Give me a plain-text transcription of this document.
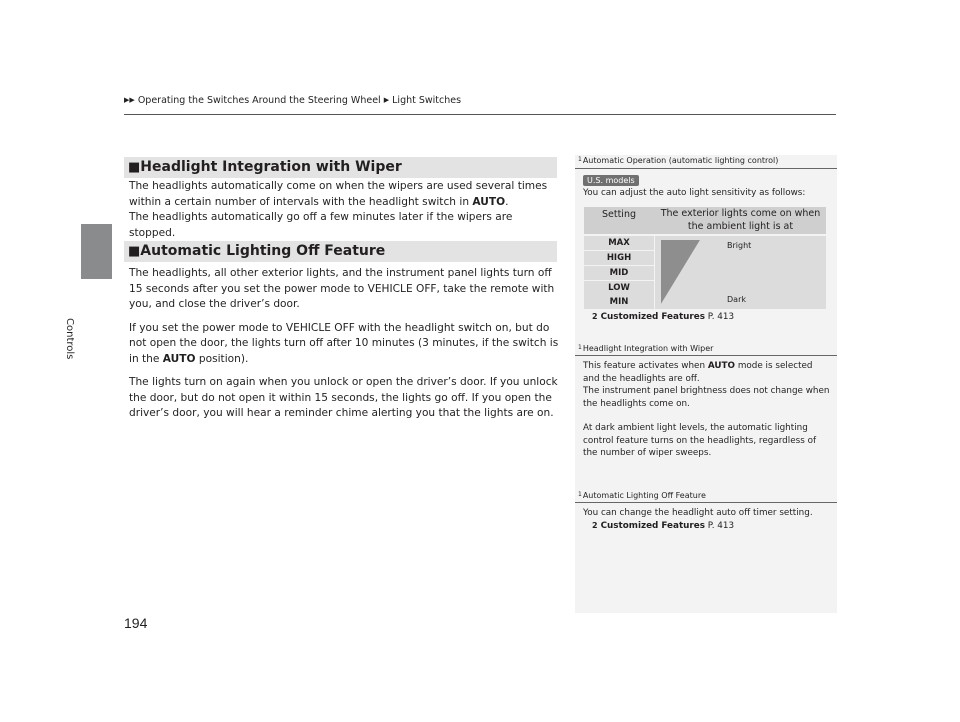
▶▶ Operating the Switches Around the Steering Wheel ▶ Light Switches
Controls
■Headlight Integration with Wiper

The headlights automatically come on when the wipers are used several times within a certain number of intervals with the headlight switch in AUTO.
The headlights automatically go off a few minutes later if the wipers are stopped.

■Automatic Lighting Off Feature

The headlights, all other exterior lights, and the instrument panel lights turn off 15 seconds after you set the power mode to VEHICLE OFF, take the remote with you, and close the driver’s door.

If you set the power mode to VEHICLE OFF with the headlight switch on, but do not open the door, the lights turn off after 10 minutes (3 minutes, if the switch is in the AUTO position).

The lights turn on again when you unlock or open the driver’s door. If you unlock the door, but do not open it within 15 seconds, the lights go off. If you open the driver’s door, you will hear a reminder chime alerting you that the lights are on.

1Automatic Operation (automatic lighting control)
U.S. models
You can adjust the auto light sensitivity as follows:
Setting	The exterior lights come on when the ambient light is at
MAX
HIGH
MID
LOW
MIN
Bright
Dark
2 Customized Features P. 413
1Headlight Integration with Wiper
This feature activates when AUTO mode is selected and the headlights are off.
The instrument panel brightness does not change when the headlights come on.
At dark ambient light levels, the automatic lighting control feature turns on the headlights, regardless of the number of wiper sweeps.
1Automatic Lighting Off Feature
You can change the headlight auto off timer setting.
2 Customized Features P. 413
194
